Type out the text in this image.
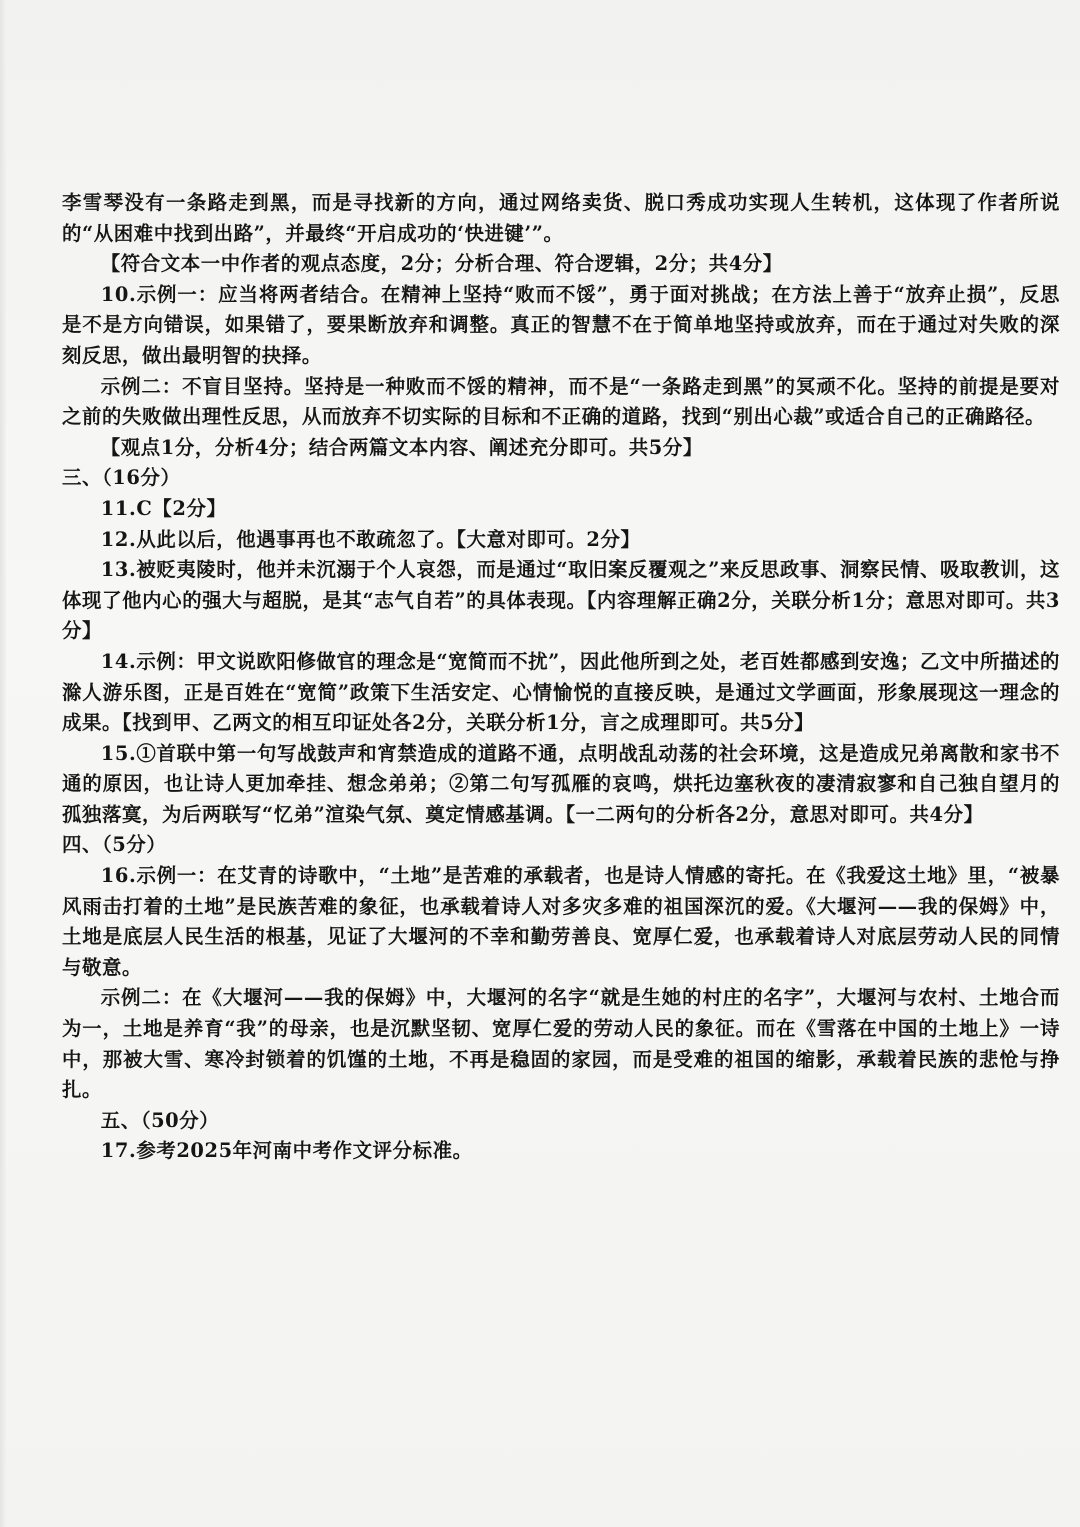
李雪琴没有一条路走到黑，而是寻找新的方向，通过网络卖货、脱口秀成功实现人生转机，这体现了作者所说的“从困难中找到出路”，并最终“开启成功的‘快进键’”。

【符合文本一中作者的观点态度，2分；分析合理、符合逻辑，2分；共4分】

10.示例一：应当将两者结合。在精神上坚持“败而不馁”，勇于面对挑战；在方法上善于“放弃止损”，反思是不是方向错误，如果错了，要果断放弃和调整。真正的智慧不在于简单地坚持或放弃，而在于通过对失败的深刻反思，做出最明智的抉择。

示例二：不盲目坚持。坚持是一种败而不馁的精神，而不是“一条路走到黑”的冥顽不化。坚持的前提是要对之前的失败做出理性反思，从而放弃不切实际的目标和不正确的道路，找到“别出心裁”或适合自己的正确路径。

【观点1分，分析4分；结合两篇文本内容、阐述充分即可。共5分】

三、（16分）

11.C【2分】

12.从此以后，他遇事再也不敢疏忽了。【大意对即可。2分】

13.被贬夷陵时，他并未沉溺于个人哀怨，而是通过“取旧案反覆观之”来反思政事、洞察民情、吸取教训，这体现了他内心的强大与超脱，是其“志气自若”的具体表现。【内容理解正确2分，关联分析1分；意思对即可。共3分】

14.示例：甲文说欧阳修做官的理念是“宽简而不扰”，因此他所到之处，老百姓都感到安逸；乙文中所描述的滁人游乐图，正是百姓在“宽简”政策下生活安定、心情愉悦的直接反映，是通过文学画面，形象展现这一理念的成果。【找到甲、乙两文的相互印证处各2分，关联分析1分，言之成理即可。共5分】

15.①首联中第一句写战鼓声和宵禁造成的道路不通，点明战乱动荡的社会环境，这是造成兄弟离散和家书不通的原因，也让诗人更加牵挂、想念弟弟；②第二句写孤雁的哀鸣，烘托边塞秋夜的凄清寂寥和自己独自望月的孤独落寞，为后两联写“忆弟”渲染气氛、奠定情感基调。【一二两句的分析各2分，意思对即可。共4分】

四、（5分）

16.示例一：在艾青的诗歌中，“土地”是苦难的承载者，也是诗人情感的寄托。在《我爱这土地》里，“被暴风雨击打着的土地”是民族苦难的象征，也承载着诗人对多灾多难的祖国深沉的爱。《大堰河——我的保姆》中，土地是底层人民生活的根基，见证了大堰河的不幸和勤劳善良、宽厚仁爱，也承载着诗人对底层劳动人民的同情与敬意。

示例二：在《大堰河——我的保姆》中，大堰河的名字“就是生她的村庄的名字”，大堰河与农村、土地合而为一，土地是养育“我”的母亲，也是沉默坚韧、宽厚仁爱的劳动人民的象征。而在《雪落在中国的土地上》一诗中，那被大雪、寒冷封锁着的饥馑的土地，不再是稳固的家园，而是受难的祖国的缩影，承载着民族的悲怆与挣扎。

五、（50分）

17.参考2025年河南中考作文评分标准。
